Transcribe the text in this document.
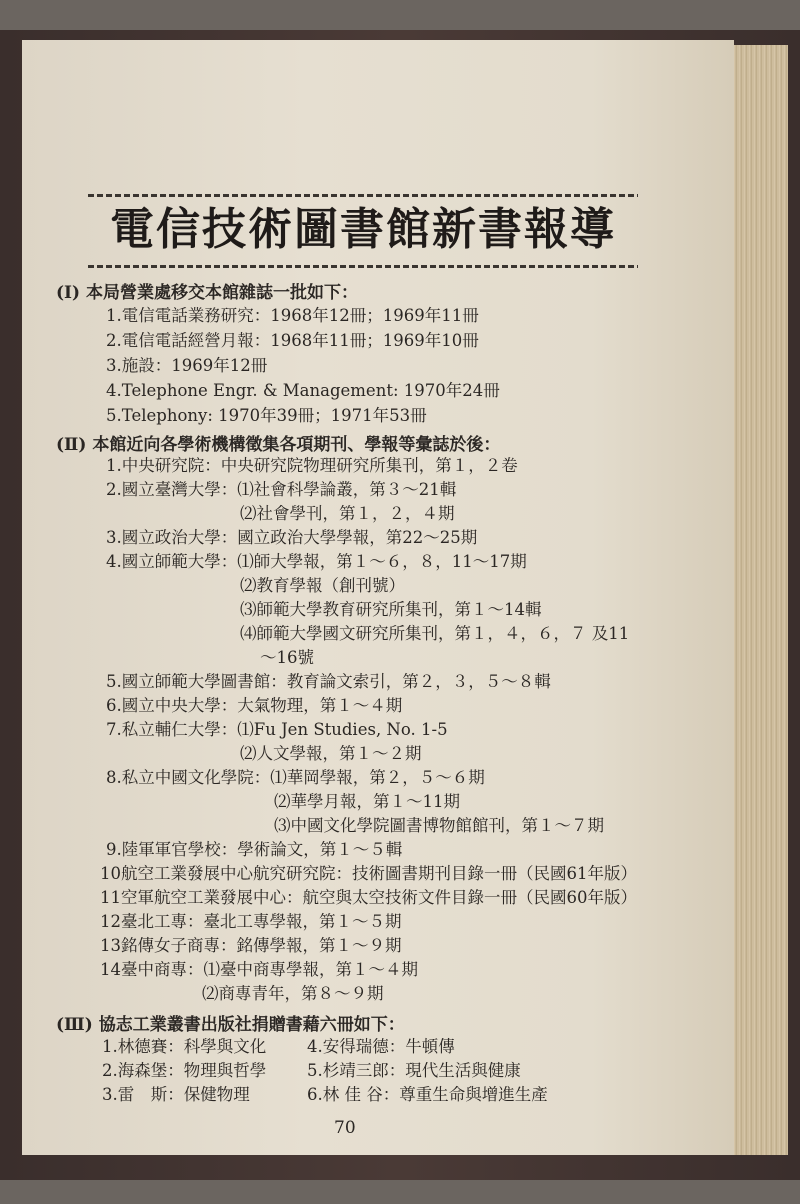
電信技術圖書館新書報導
(Ⅰ) 本局營業處移交本館雜誌一批如下：
1.電信電話業務研究：1968年12冊；1969年11冊
2.電信電話經營月報：1968年11冊；1969年10冊
3.施設：1969年12冊
4.Telephone Engr. & Management: 1970年24冊
5.Telephony: 1970年39冊；1971年53冊
(Ⅱ) 本館近向各學術機構徵集各項期刊、學報等彙誌於後：
1.中央研究院：中央研究院物理研究所集刊，第１，２卷
2.國立臺灣大學：⑴社會科學論叢，第３～21輯
⑵社會學刊，第１，２，４期
3.國立政治大學：國立政治大學學報，第22～25期
4.國立師範大學：⑴師大學報，第１～６，８，11～17期
⑵教育學報（創刊號）
⑶師範大學教育研究所集刊，第１～14輯
⑷師範大學國文研究所集刊，第１，４，６，７ 及11
～16號
5.國立師範大學圖書館：教育論文索引，第２，３，５～８輯
6.國立中央大學：大氣物理，第１～４期
7.私立輔仁大學：⑴Fu Jen Studies, No. 1-5
⑵人文學報，第１～２期
8.私立中國文化學院：⑴華岡學報，第２，５～６期
⑵華學月報，第１～11期
⑶中國文化學院圖書博物館館刊，第１～７期
9.陸軍軍官學校：學術論文，第１～５輯
10航空工業發展中心航究研究院：技術圖書期刊目錄一冊（民國61年版）
11空軍航空工業發展中心：航空與太空技術文件目錄一冊（民國60年版）
12臺北工專：臺北工專學報，第１～５期
13銘傳女子商專：銘傳學報，第１～９期
14臺中商專：⑴臺中商專學報，第１～４期
⑵商專青年，第８～９期
(Ⅲ) 協志工業叢書出版社捐贈書藉六冊如下：
1.林德賽：科學與文化 4.安得瑞德：牛頓傳
2.海森堡：物理與哲學 5.杉靖三郎：現代生活與健康
3.雷　斯：保健物理	6.林 佳 谷：尊重生命與增進生產
70
